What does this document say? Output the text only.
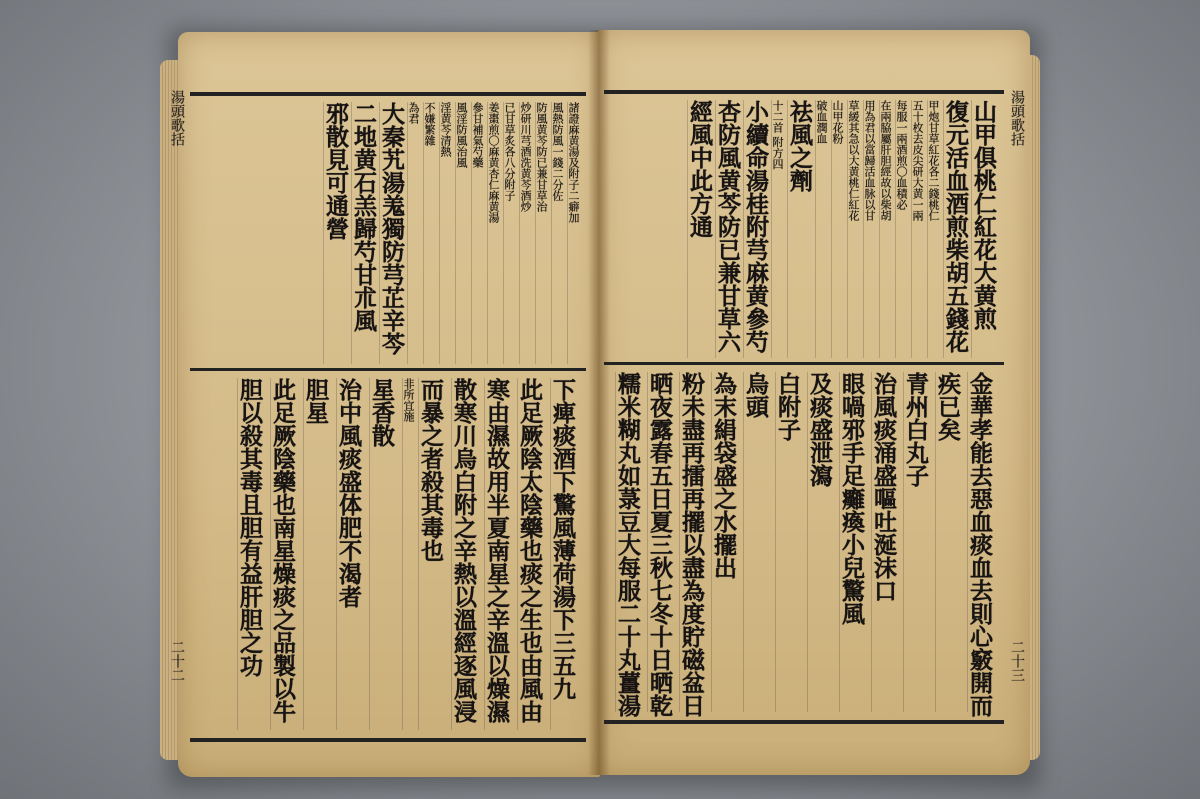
湯頭歌括	湯頭歌括
二十三
二十二
山甲俱桃仁紅花大黄煎
復元活血酒煎柴胡五錢花
甲炮甘草紅花各二錢桃仁
五十枚去皮尖研大黄一兩
每服一兩酒煎〇血積必
在兩脇屬肝胆經故以柴胡
用為君以當歸活血脉以甘
草緩其急以大黄桃仁紅花
山甲花粉
破血潤血
祛風之劑
十二首 附方四
小續命湯桂附芎麻黄參芍
杏防風黄芩防已兼甘草六
經風中此方通
金華孝能去惡血痰血去則心竅開而
疾已矣
青州白丸子
治風痰涌盛嘔吐涎沫口
眼喎邪手足癱瘓小兒驚風
及痰盛泄瀉
白附子
烏頭
為末絹袋盛之水擺出
粉未盡再擂再擺以盡為度貯磁盆日
晒夜露春五日夏三秋七冬十日晒乾
糯米糊丸如菉豆大每服二十丸薑湯
諸證麻黄湯及附子二癖加
風熱防風一錢二分佐
防風黄芩防已兼甘草治
炒研川芎酒洗黄芩酒炒
已甘草炙各八分附子
姜棗煎〇麻黄杏仁麻黄湯
參甘補氣芍藥
風淫防風治風
淫黄芩清熱
不嫌繁雜
為君
大秦艽湯羗獨防芎芷辛芩
二地黄石羔歸芍甘朮風
邪散見可通營
下痺痰酒下驚風薄荷湯下三五九
此足厥陰太陰藥也痰之生也由風由
寒由濕故用半夏南星之辛溫以燥濕
散寒川烏白附之辛熱以溫經逐風浸
而暴之者殺其毒也
非所宜施
星香散
治中風痰盛体肥不渴者
胆星
此足厥陰藥也南星燥痰之品製以牛
胆以殺其毒且胆有益肝胆之功
